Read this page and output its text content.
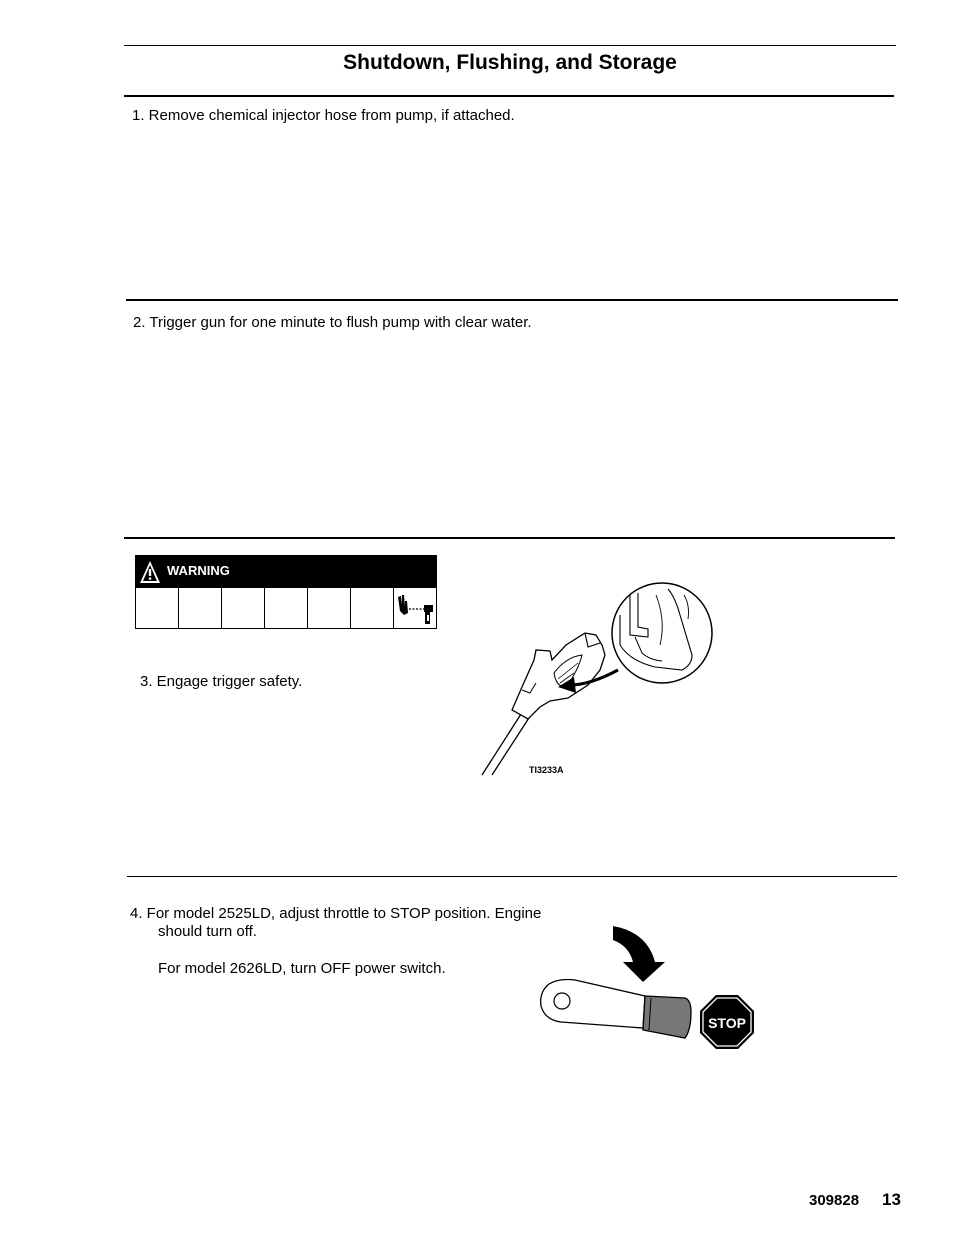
Shutdown, Flushing, and Storage
1. Remove chemical injector hose from pump, if attached.
2. Trigger gun for one minute to flush pump with clear water.
WARNING
3. Engage trigger safety.
TI3233A
4. For model 2525LD, adjust throttle to STOP position. Engine
should turn off.
For model 2626LD, turn OFF power switch.
STOP
309828 13
